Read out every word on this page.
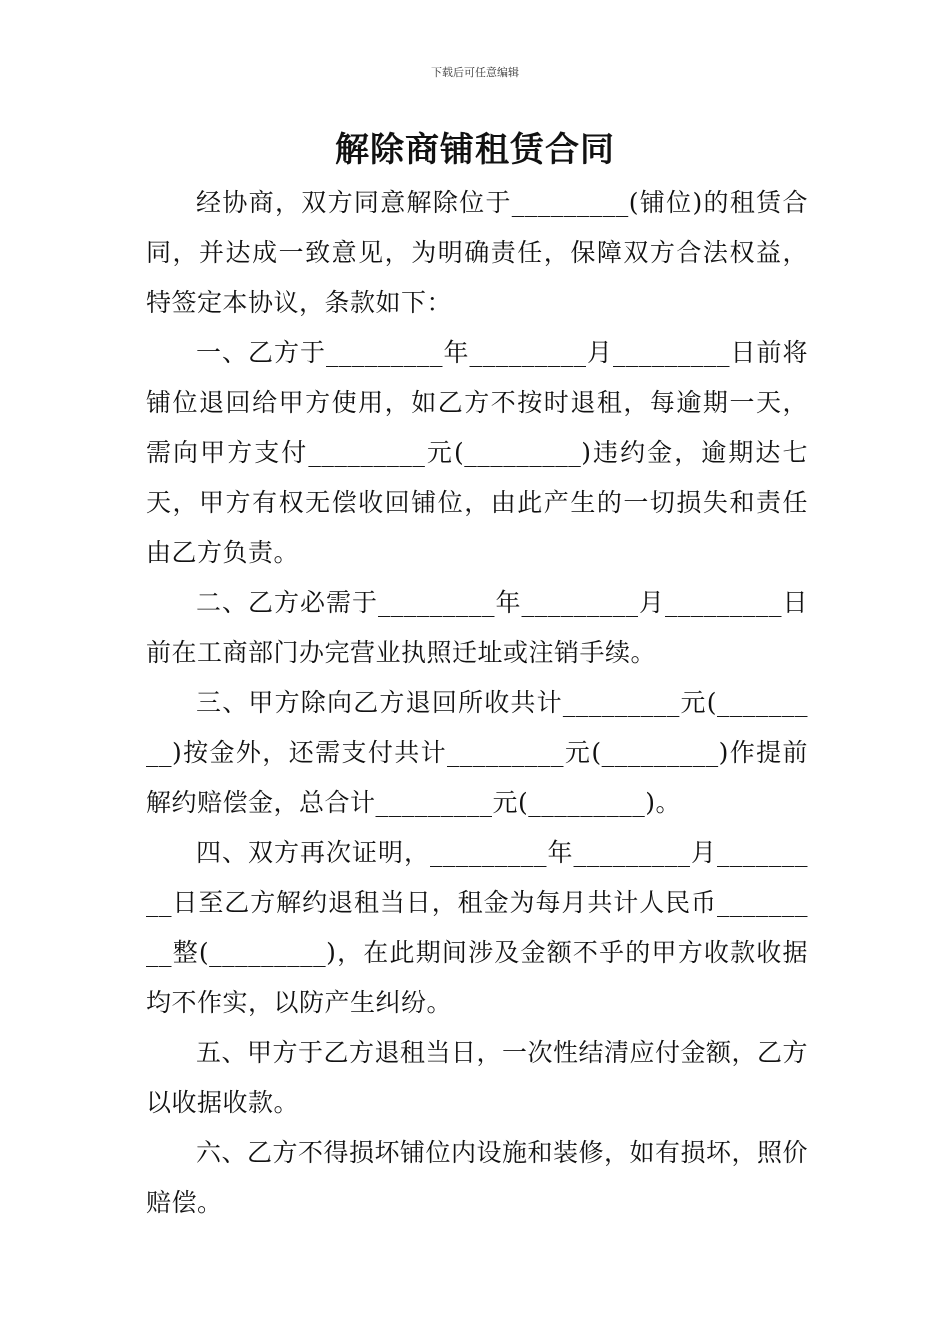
下载后可任意编辑
解除商铺租赁合同

经协商，双方同意解除位于_________(铺位)的租赁合同，并达成一致意见，为明确责任，保障双方合法权益，特签定本协议，条款如下：

一、乙方于_________年_________月_________日前将铺位退回给甲方使用，如乙方不按时退租，每逾期一天，需向甲方支付_________元(_________)违约金，逾期达七天，甲方有权无偿收回铺位，由此产生的一切损失和责任由乙方负责。

二、乙方必需于_________年_________月_________日前在工商部门办完营业执照迁址或注销手续。

三、甲方除向乙方退回所收共计_________元(_________)按金外，还需支付共计_________元(_________)作提前解约赔偿金，总合计_________元(_________)。

四、双方再次证明，_________年_________月_________日至乙方解约退租当日，租金为每月共计人民币_________整(_________)，在此期间涉及金额不乎的甲方收款收据均不作实，以防产生纠纷。

五、甲方于乙方退租当日，一次性结清应付金额，乙方以收据收款。

六、乙方不得损坏铺位内设施和装修，如有损坏，照价赔偿。
